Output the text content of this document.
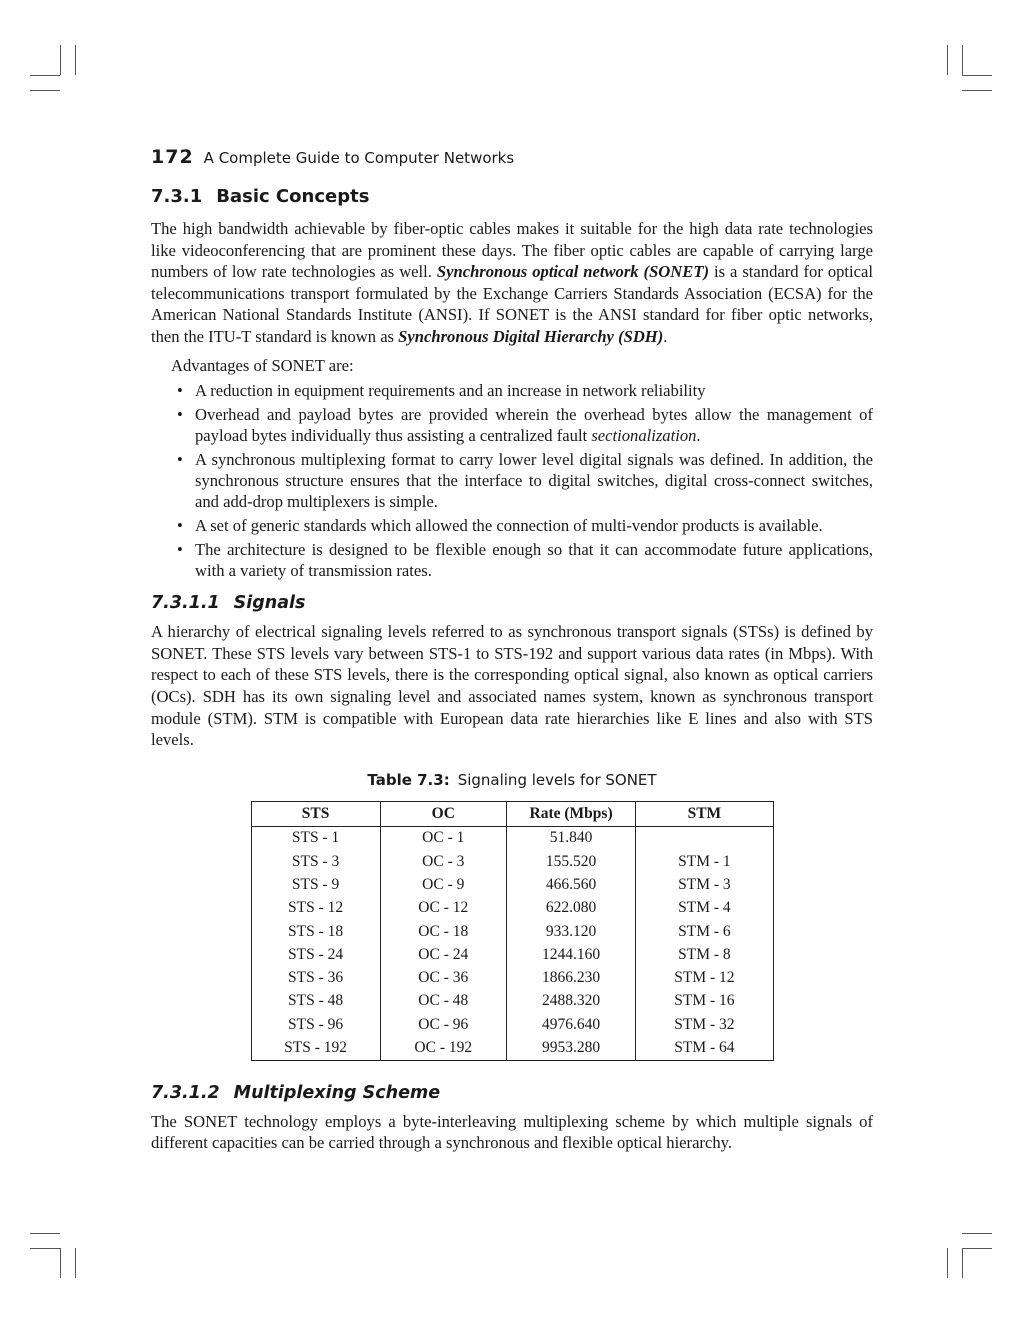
172 A Complete Guide to Computer Networks
7.3.1 Basic Concepts

The high bandwidth achievable by fiber-optic cables makes it suitable for the high data rate technologies like videoconferencing that are prominent these days. The fiber optic cables are capable of carrying large numbers of low rate technologies as well. Synchronous optical network (SONET) is a standard for optical telecommunications transport formulated by the Exchange Carriers Standards Association (ECSA) for the American National Standards Institute (ANSI). If SONET is the ANSI standard for fiber optic networks, then the ITU-T standard is known as Synchronous Digital Hierarchy (SDH).

Advantages of SONET are:

• A reduction in equipment requirements and an increase in network reliability
• Overhead and payload bytes are provided wherein the overhead bytes allow the management of payload bytes individually thus assisting a centralized fault sectionalization.
• A synchronous multiplexing format to carry lower level digital signals was defined. In addition, the synchronous structure ensures that the interface to digital switches, digital cross-connect switches, and add-drop multiplexers is simple.
• A set of generic standards which allowed the connection of multi-vendor products is available.
• The architecture is designed to be flexible enough so that it can accommodate future applications, with a variety of transmission rates.
7.3.1.1 Signals

A hierarchy of electrical signaling levels referred to as synchronous transport signals (STSs) is defined by SONET. These STS levels vary between STS-1 to STS-192 and support various data rates (in Mbps). With respect to each of these STS levels, there is the corresponding optical signal, also known as optical carriers (OCs). SDH has its own signaling level and associated names system, known as synchronous transport module (STM). STM is compatible with European data rate hierarchies like E lines and also with STS levels.

Table 7.3: Signaling levels for SONET
STS	OC	Rate (Mbps)	STM
STS - 1	OC - 1	51.840	
STS - 3	OC - 3	155.520	STM - 1
STS - 9	OC - 9	466.560	STM - 3
STS - 12	OC - 12	622.080	STM - 4
STS - 18	OC - 18	933.120	STM - 6
STS - 24	OC - 24	1244.160	STM - 8
STS - 36	OC - 36	1866.230	STM - 12
STS - 48	OC - 48	2488.320	STM - 16
STS - 96	OC - 96	4976.640	STM - 32
STS - 192	OC - 192	9953.280	STM - 64
7.3.1.2 Multiplexing Scheme

The SONET technology employs a byte-interleaving multiplexing scheme by which multiple signals of different capacities can be carried through a synchronous and flexible optical hierarchy.
